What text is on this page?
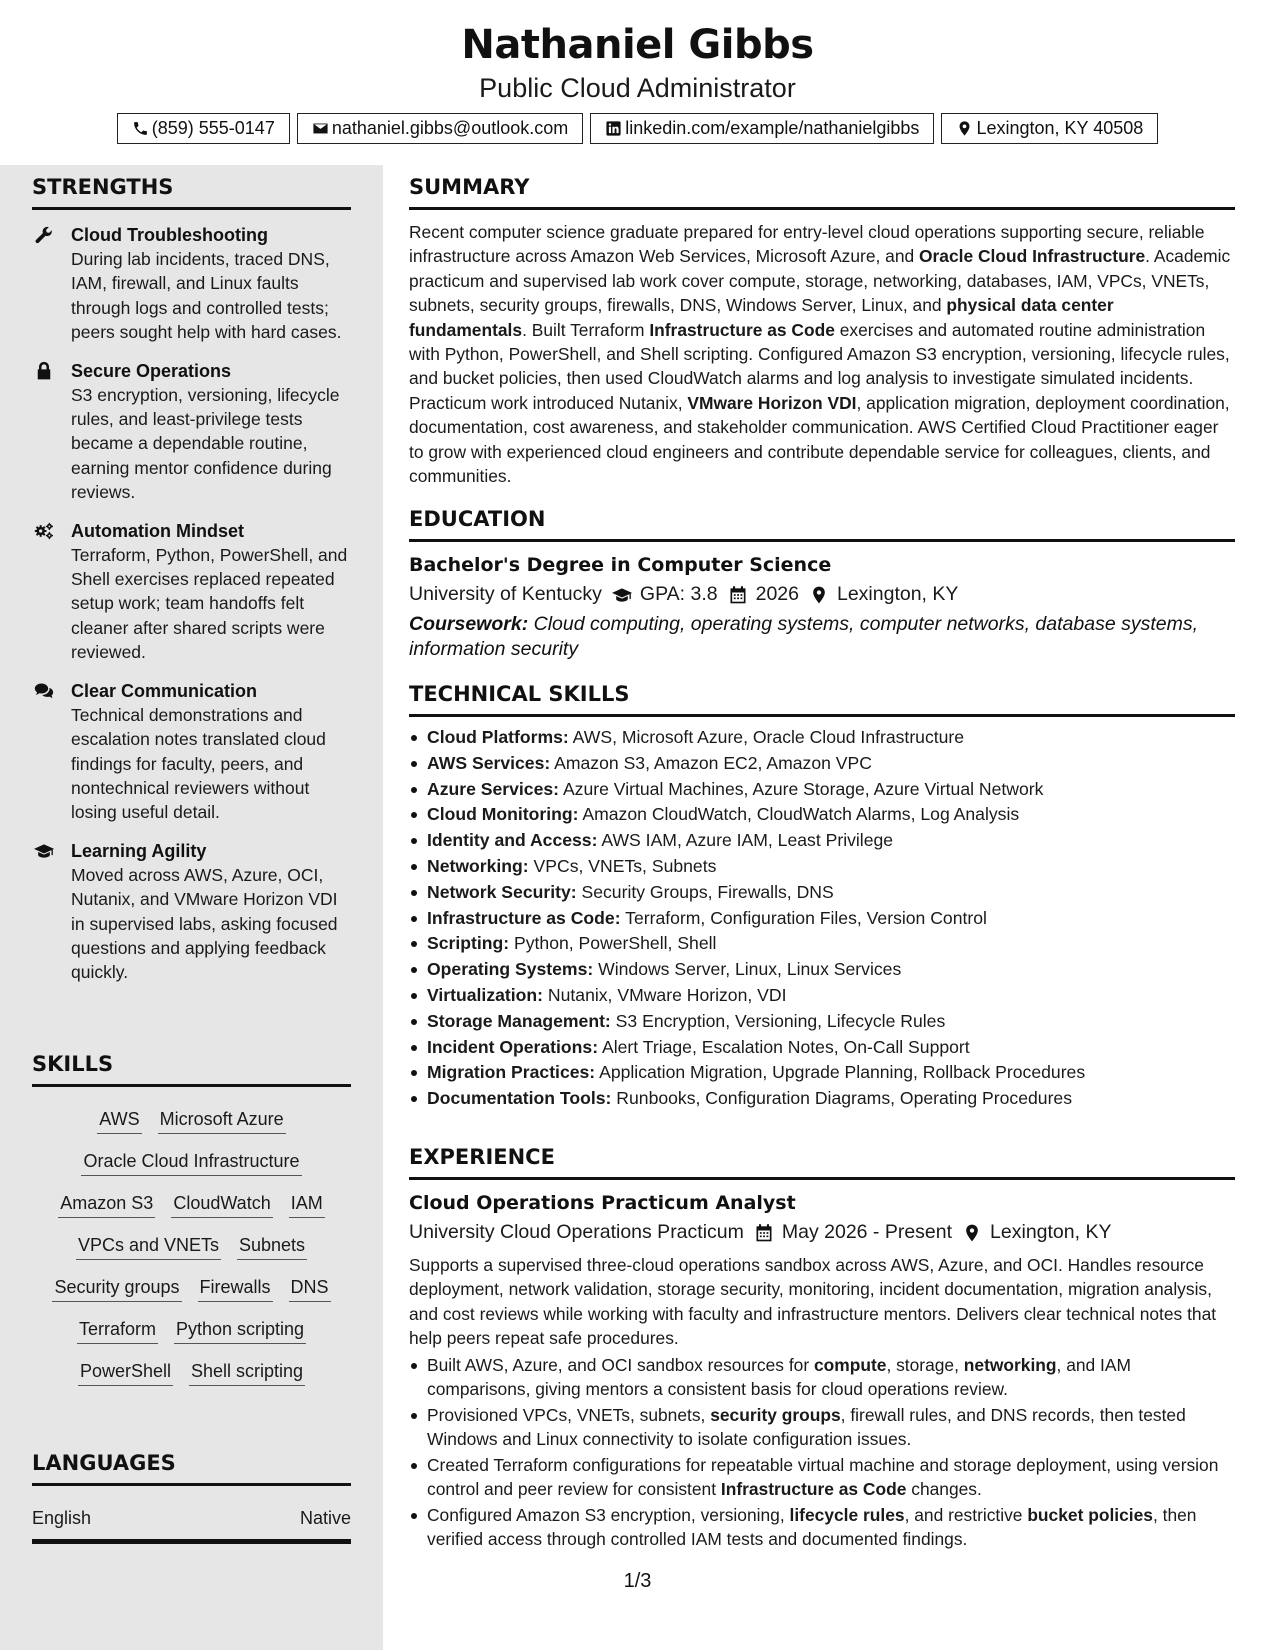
Nathaniel Gibbs
Public Cloud Administrator
(859) 555-0147	nathaniel.gibbs@outlook.com	linkedin.com/example/nathanielgibbs	Lexington, KY 40508
STRENGTHS
Cloud Troubleshooting
During lab incidents, traced DNS, IAM, firewall, and Linux faults through logs and controlled tests; peers sought help with hard cases.
Secure Operations
S3 encryption, versioning, lifecycle rules, and least-privilege tests became a dependable routine, earning mentor confidence during reviews.
Automation Mindset
Terraform, Python, PowerShell, and Shell exercises replaced repeated setup work; team handoffs felt cleaner after shared scripts were reviewed.
Clear Communication
Technical demonstrations and escalation notes translated cloud findings for faculty, peers, and nontechnical reviewers without losing useful detail.
Learning Agility
Moved across AWS, Azure, OCI, Nutanix, and VMware Horizon VDI in supervised labs, asking focused questions and applying feedback quickly.
SKILLS
AWS Microsoft Azure
Oracle Cloud Infrastructure
Amazon S3 CloudWatch IAM
VPCs and VNETs Subnets
Security groups Firewalls DNS
Terraform Python scripting
PowerShell Shell scripting
LANGUAGES
English	Native
SUMMARY
Recent computer science graduate prepared for entry-level cloud operations supporting secure, reliable infrastructure across Amazon Web Services, Microsoft Azure, and Oracle Cloud Infrastructure. Academic practicum and supervised lab work cover compute, storage, networking, databases, IAM, VPCs, VNETs, subnets, security groups, firewalls, DNS, Windows Server, Linux, and physical data center fundamentals. Built Terraform Infrastructure as Code exercises and automated routine administration with Python, PowerShell, and Shell scripting. Configured Amazon S3 encryption, versioning, lifecycle rules, and bucket policies, then used CloudWatch alarms and log analysis to investigate simulated incidents. Practicum work introduced Nutanix, VMware Horizon VDI, application migration, deployment coordination, documentation, cost awareness, and stakeholder communication. AWS Certified Cloud Practitioner eager to grow with experienced cloud engineers and contribute dependable service for colleagues, clients, and communities.
EDUCATION
Bachelor's Degree in Computer Science
University of Kentucky GPA: 3.8 2026 Lexington, KY
Coursework: Cloud computing, operating systems, computer networks, database systems, information security
TECHNICAL SKILLS
Cloud Platforms: AWS, Microsoft Azure, Oracle Cloud Infrastructure
AWS Services: Amazon S3, Amazon EC2, Amazon VPC
Azure Services: Azure Virtual Machines, Azure Storage, Azure Virtual Network
Cloud Monitoring: Amazon CloudWatch, CloudWatch Alarms, Log Analysis
Identity and Access: AWS IAM, Azure IAM, Least Privilege
Networking: VPCs, VNETs, Subnets
Network Security: Security Groups, Firewalls, DNS
Infrastructure as Code: Terraform, Configuration Files, Version Control
Scripting: Python, PowerShell, Shell
Operating Systems: Windows Server, Linux, Linux Services
Virtualization: Nutanix, VMware Horizon, VDI
Storage Management: S3 Encryption, Versioning, Lifecycle Rules
Incident Operations: Alert Triage, Escalation Notes, On-Call Support
Migration Practices: Application Migration, Upgrade Planning, Rollback Procedures
Documentation Tools: Runbooks, Configuration Diagrams, Operating Procedures
EXPERIENCE
Cloud Operations Practicum Analyst
University Cloud Operations Practicum May 2026 - Present Lexington, KY
Supports a supervised three-cloud operations sandbox across AWS, Azure, and OCI. Handles resource deployment, network validation, storage security, monitoring, incident documentation, migration analysis, and cost reviews while working with faculty and infrastructure mentors. Delivers clear technical notes that help peers repeat safe procedures.
Built AWS, Azure, and OCI sandbox resources for compute, storage, networking, and IAM comparisons, giving mentors a consistent basis for cloud operations review.
Provisioned VPCs, VNETs, subnets, security groups, firewall rules, and DNS records, then tested Windows and Linux connectivity to isolate configuration issues.
Created Terraform configurations for repeatable virtual machine and storage deployment, using version control and peer review for consistent Infrastructure as Code changes.
Configured Amazon S3 encryption, versioning, lifecycle rules, and restrictive bucket policies, then verified access through controlled IAM tests and documented findings.
1/3
